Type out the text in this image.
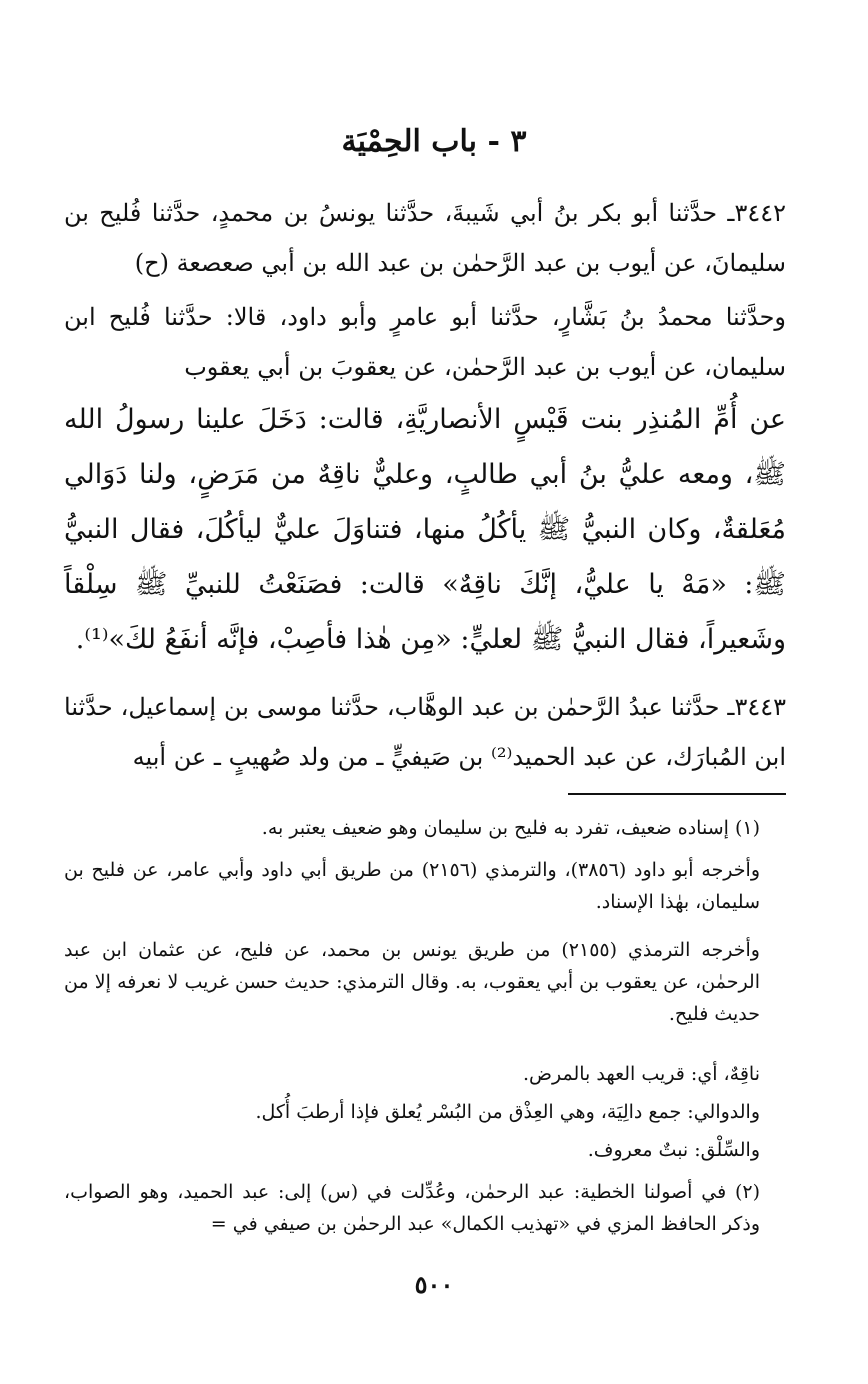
٣ - باب الحِمْيَة

٣٤٤٢ـ حدَّثنا أبو بكر بنُ أبي شَيبةَ، حدَّثنا يونسُ بن محمدٍ، حدَّثنا فُليح بن سليمانَ، عن أيوب بن عبد الرَّحمٰن بن عبد الله بن أبي صعصعة (ح)

وحدَّثنا محمدُ بنُ بَشَّارٍ، حدَّثنا أبو عامرٍ وأبو داود، قالا: حدَّثنا فُليح ابن سليمان، عن أيوب بن عبد الرَّحمٰن، عن يعقوبَ بن أبي يعقوب

عن أُمِّ المُنذِر بنت قَيْسٍ الأنصاريَّةِ، قالت: دَخَلَ علينا رسولُ الله ﷺ، ومعه عليُّ بنُ أبي طالبٍ، وعليٌّ ناقِهٌ من مَرَضٍ، ولنا دَوَالي مُعَلقةٌ، وكان النبيُّ ﷺ يأكُلُ منها، فتناوَلَ عليٌّ ليأكُلَ، فقال النبيُّ ﷺ: «مَهْ يا عليُّ، إنَّكَ ناقِهٌ» قالت: فصَنَعْتُ للنبيِّ ﷺ سِلْقاً وشَعيراً، فقال النبيُّ ﷺ لعليٍّ: «مِن هٰذا فأصِبْ، فإنَّه أنفَعُ لكَ»⁽¹⁾.

٣٤٤٣ـ حدَّثنا عبدُ الرَّحمٰن بن عبد الوهَّاب، حدَّثنا موسى بن إسماعيل، حدَّثنا ابن المُبارَك، عن عبد الحميد⁽²⁾ بن صَيفيٍّ ـ من ولد صُهيبٍ ـ عن أبيه

(١) إسناده ضعيف، تفرد به فليح بن سليمان وهو ضعيف يعتبر به.

وأخرجه أبو داود (٣٨٥٦)، والترمذي (٢١٥٦) من طريق أبي داود وأبي عامر، عن فليح بن سليمان، بهٰذا الإسناد.

وأخرجه الترمذي (٢١٥٥) من طريق يونس بن محمد، عن فليح، عن عثمان ابن عبد الرحمٰن، عن يعقوب بن أبي يعقوب، به. وقال الترمذي: حديث حسن غريب لا نعرفه إلا من حديث فليح.

ناقِهٌ، أي: قريب العهد بالمرض.

والدوالي: جمع دالِيَة، وهي العِذْق من البُسْر يُعلق فإذا أرطبَ أُكل.

والسِّلْق: نبتٌ معروف.

(٢) في أصولنا الخطية: عبد الرحمٰن، وعُدِّلت في (س) إلى: عبد الحميد، وهو الصواب، وذكر الحافظ المزي في «تهذيب الكمال» عبد الرحمٰن بن صيفي في =

٥٠٠
